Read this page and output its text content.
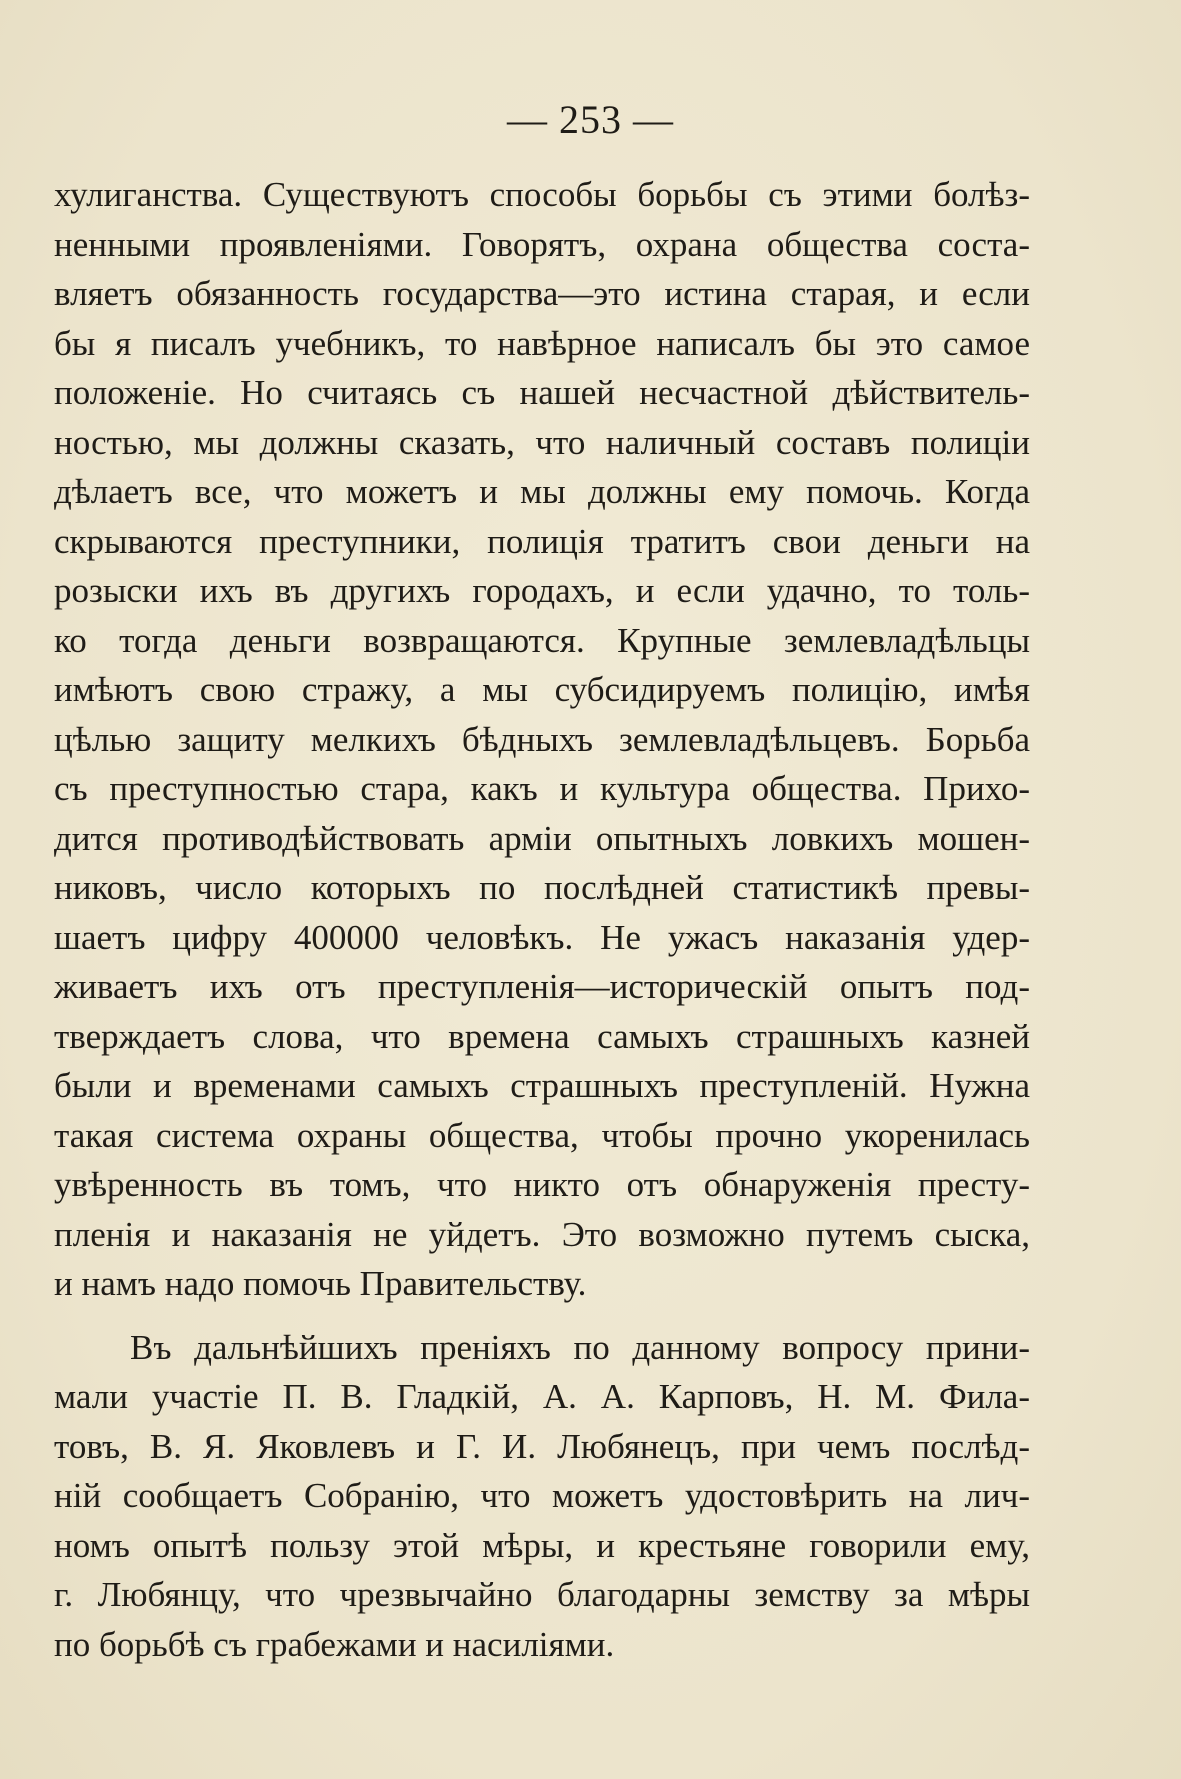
— 253 —
хулиганства. Существуютъ способы борьбы съ этими болѣз-
ненными проявленіями. Говорятъ, охрана общества соста-
вляетъ обязанность государства—это истина старая, и если
бы я писалъ учебникъ, то навѣрное написалъ бы это самое
положеніе. Но считаясь съ нашей несчастной дѣйствитель-
ностью, мы должны сказать, что наличный составъ полиціи
дѣлаетъ все, что можетъ и мы должны ему помочь. Когда
скрываются преступники, полиція тратитъ свои деньги на
розыски ихъ въ другихъ городахъ, и если удачно, то толь-
ко тогда деньги возвращаются. Крупные землевладѣльцы
имѣютъ свою стражу, а мы субсидируемъ полицію, имѣя
цѣлью защиту мелкихъ бѣдныхъ землевладѣльцевъ. Борьба
съ преступностью стара, какъ и культура общества. Прихо-
дится противодѣйствовать арміи опытныхъ ловкихъ мошен-
никовъ, число которыхъ по послѣдней статистикѣ превы-
шаетъ цифру 400000 человѣкъ. Не ужасъ наказанія удер-
живаетъ ихъ отъ преступленія—историческій опытъ под-
тверждаетъ слова, что времена самыхъ страшныхъ казней
были и временами самыхъ страшныхъ преступленій. Нужна
такая система охраны общества, чтобы прочно укоренилась
увѣренность въ томъ, что никто отъ обнаруженія престу-
пленія и наказанія не уйдетъ. Это возможно путемъ сыска,
и намъ надо помочь Правительству.
Въ дальнѣйшихъ преніяхъ по данному вопросу прини-
мали участіе П. В. Гладкій, А. А. Карповъ, Н. М. Фила-
товъ, В. Я. Яковлевъ и Г. И. Любянецъ, при чемъ послѣд-
ній сообщаетъ Собранію, что можетъ удостовѣрить на лич-
номъ опытѣ пользу этой мѣры, и крестьяне говорили ему,
г. Любянцу, что чрезвычайно благодарны земству за мѣры
по борьбѣ съ грабежами и насиліями.
